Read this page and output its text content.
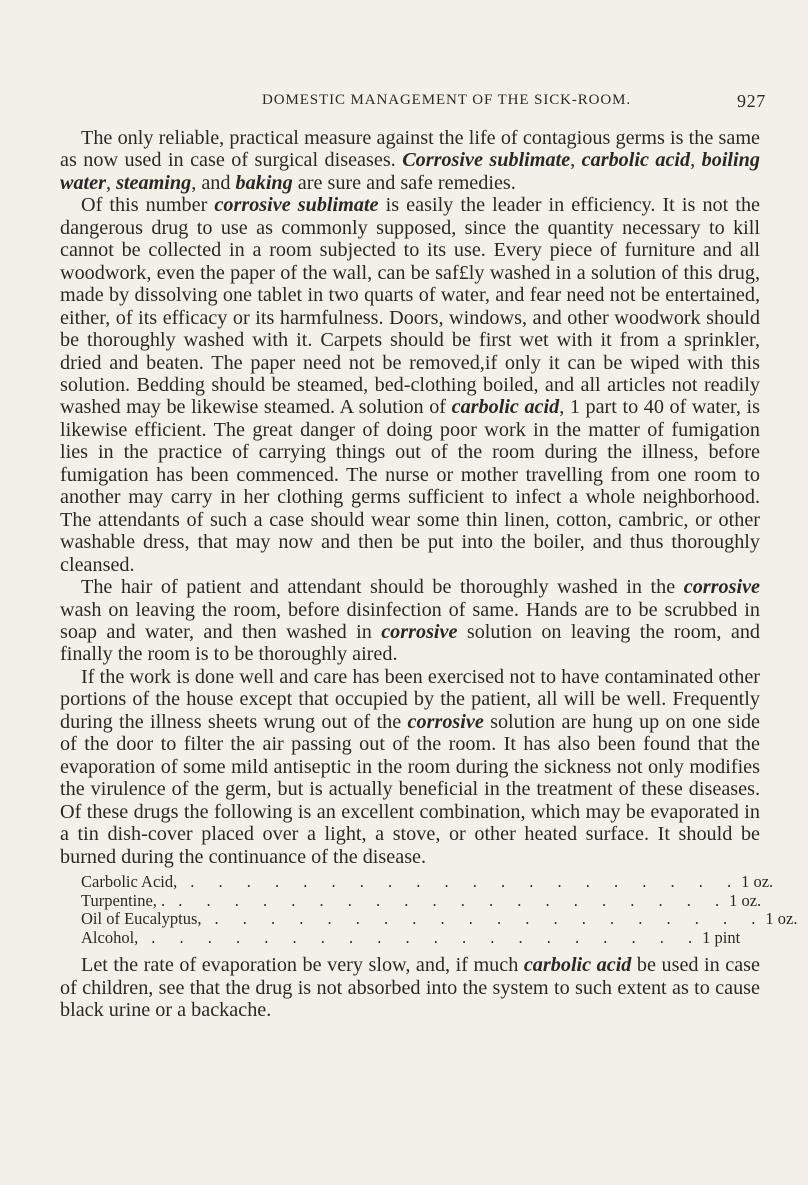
DOMESTIC MANAGEMENT OF THE SICK-ROOM.	927

The only reliable, practical measure against the life of contagious germs is the same as now used in case of surgical diseases. Corrosive sublimate, carbolic acid, boiling water, steaming, and baking are sure and safe remedies.

Of this number corrosive sublimate is easily the leader in efficiency. It is not the dangerous drug to use as commonly supposed, since the quantity necessary to kill cannot be collected in a room subjected to its use. Every piece of furniture and all woodwork, even the paper of the wall, can be saf£ly washed in a solution of this drug, made by dissolving one tablet in two quarts of water, and fear need not be entertained, either, of its efficacy or its harmfulness. Doors, windows, and other woodwork should be thoroughly washed with it. Carpets should be first wet with it from a sprinkler, dried and beaten. The paper need not be removed,if only it can be wiped with this solution. Bedding should be steamed, bed-clothing boiled, and all articles not readily washed may be likewise steamed. A solution of carbolic acid, 1 part to 40 of water, is likewise efficient. The great danger of doing poor work in the matter of fumigation lies in the practice of carrying things out of the room during the illness, before fumigation has been commenced. The nurse or mother travelling from one room to another may carry in her clothing germs sufficient to infect a whole neighborhood. The attendants of such a case should wear some thin linen, cotton, cambric, or other washable dress, that may now and then be put into the boiler, and thus thoroughly cleansed.

The hair of patient and attendant should be thoroughly washed in the corrosive wash on leaving the room, before disinfection of same. Hands are to be scrubbed in soap and water, and then washed in corrosive solution on leaving the room, and finally the room is to be thoroughly aired.

If the work is done well and care has been exercised not to have contaminated other portions of the house except that occupied by the patient, all will be well. Frequently during the illness sheets wrung out of the corrosive solution are hung up on one side of the door to filter the air passing out of the room. It has also been found that the evaporation of some mild antiseptic in the room during the sickness not only modifies the virulence of the germ, but is actually beneficial in the treatment of these diseases. Of these drugs the following is an excellent combination, which may be evaporated in a tin dish-cover placed over a light, a stove, or other heated surface. It should be burned during the continuance of the disease.

Carbolic Acid, . . . . . . . . . . . . . . . . . . . . 1 oz.
Turpentine, . . . . . . . . . . . . . . . . . . . . . 1 oz.
Oil of Eucalyptus, . . . . . . . . . . . . . . . . . . . . 1 oz.
Alcohol, . . . . . . . . . . . . . . . . . . . . 1 pint

Let the rate of evaporation be very slow, and, if much carbolic acid be used in case of children, see that the drug is not absorbed into the system to such extent as to cause black urine or a backache.
